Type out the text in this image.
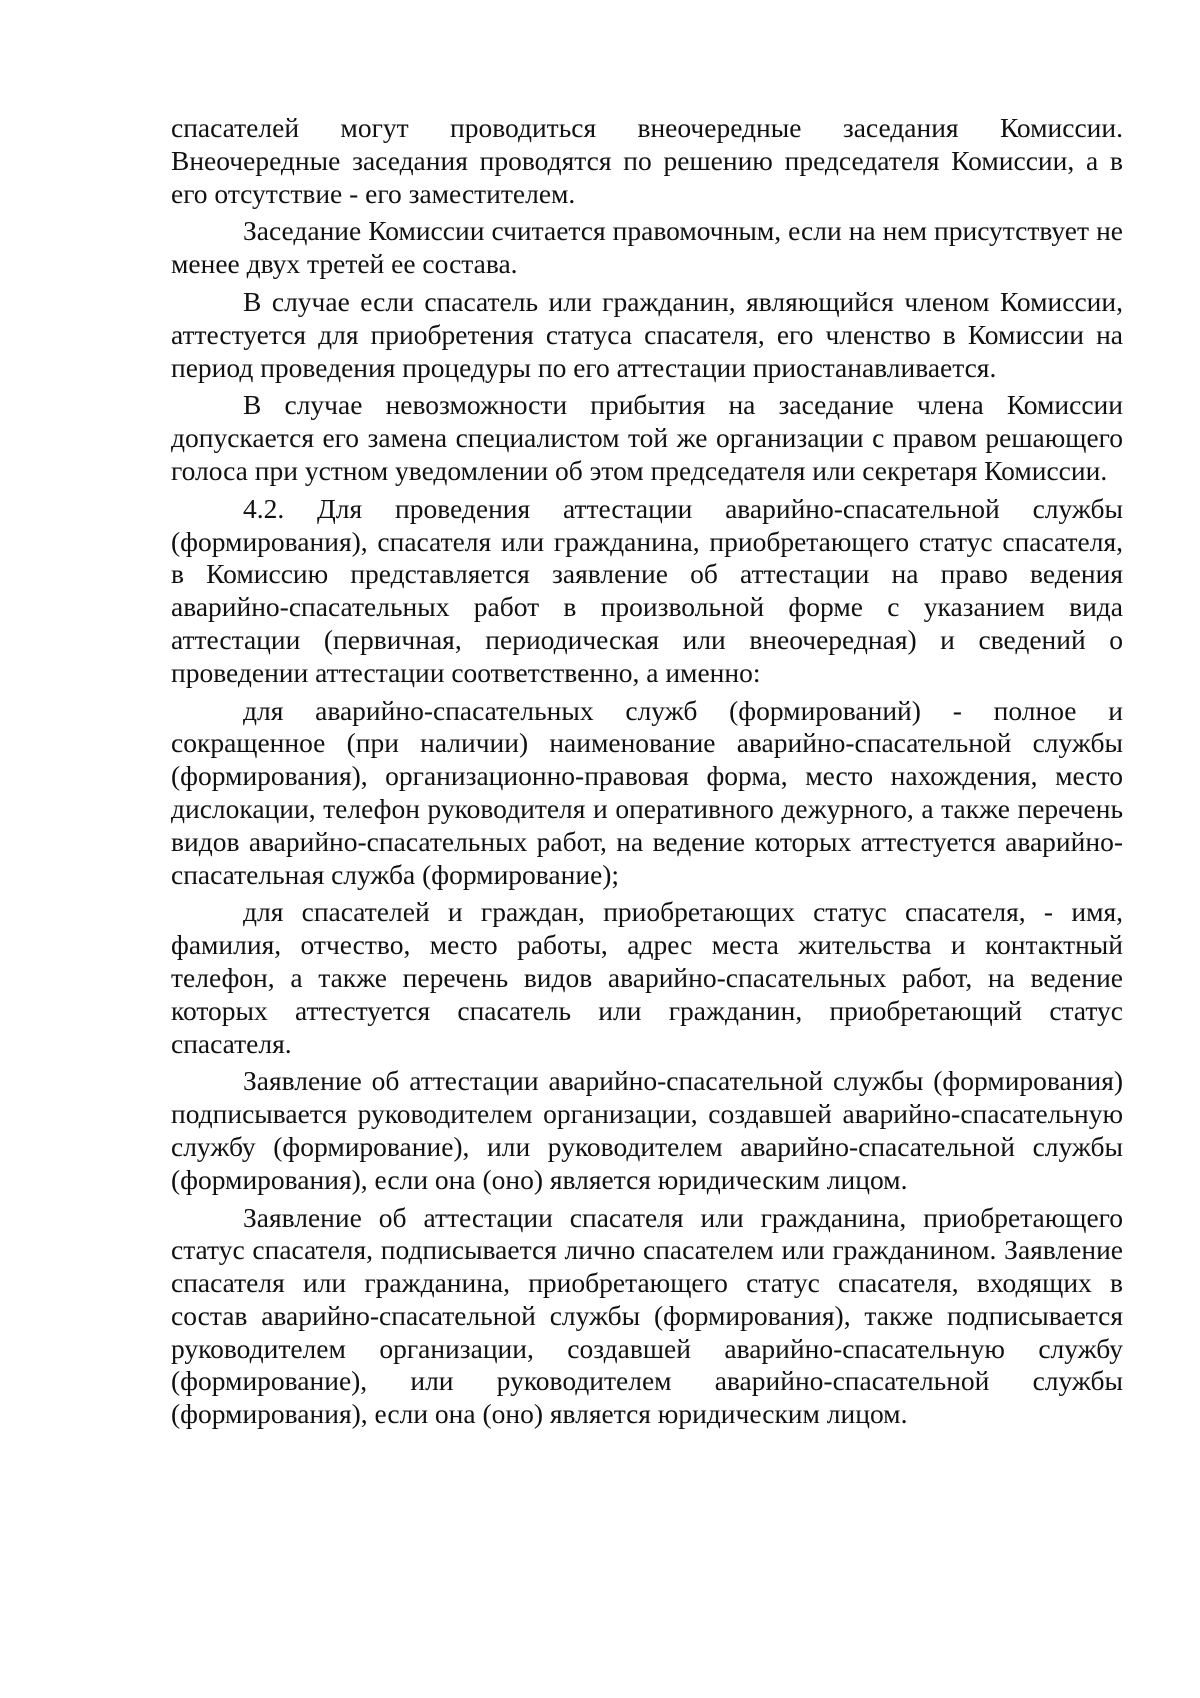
спасателей могут проводиться внеочередные заседания Комиссии. Внеочередные заседания проводятся по решению председателя Комиссии, а в его отсутствие - его заместителем.

Заседание Комиссии считается правомочным, если на нем присутствует не менее двух третей ее состава.

В случае если спасатель или гражданин, являющийся членом Комиссии, аттестуется для приобретения статуса спасателя, его членство в Комиссии на период проведения процедуры по его аттестации приостанавливается.

В случае невозможности прибытия на заседание члена Комиссии допускается его замена специалистом той же организации с правом решающего голоса при устном уведомлении об этом председателя или секретаря Комиссии.

4.2. Для проведения аттестации аварийно-спасательной службы (формирования), спасателя или гражданина, приобретающего статус спасателя, в Комиссию представляется заявление об аттестации на право ведения аварийно-спасательных работ в произвольной форме с указанием вида аттестации (первичная, периодическая или внеочередная) и сведений о проведении аттестации соответственно, а именно:

для аварийно-спасательных служб (формирований) - полное и сокращенное (при наличии) наименование аварийно-спасательной службы (формирования), организационно-правовая форма, место нахождения, место дислокации, телефон руководителя и оперативного дежурного, а также перечень видов аварийно-спасательных работ, на ведение которых аттестуется аварийно-спасательная служба (формирование);

для спасателей и граждан, приобретающих статус спасателя, - имя, фамилия, отчество, место работы, адрес места жительства и контактный телефон, а также перечень видов аварийно-спасательных работ, на ведение которых аттестуется спасатель или гражданин, приобретающий статус спасателя.

Заявление об аттестации аварийно-спасательной службы (формирования) подписывается руководителем организации, создавшей аварийно-спасательную службу (формирование), или руководителем аварийно-спасательной службы (формирования), если она (оно) является юридическим лицом.

Заявление об аттестации спасателя или гражданина, приобретающего статус спасателя, подписывается лично спасателем или гражданином. Заявление спасателя или гражданина, приобретающего статус спасателя, входящих в состав аварийно-спасательной службы (формирования), также подписывается руководителем организации, создавшей аварийно-спасательную службу (формирование), или руководителем аварийно-спасательной службы (формирования), если она (оно) является юридическим лицом.
